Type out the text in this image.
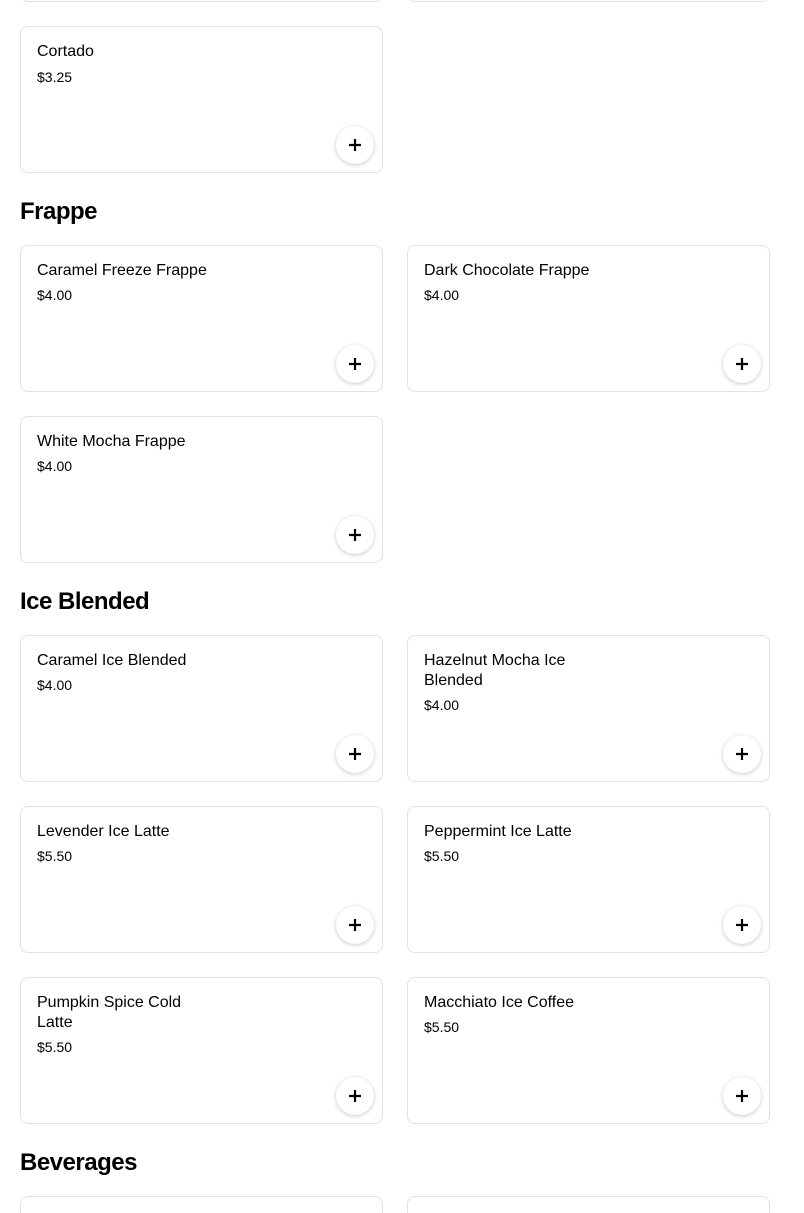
Cortado
$3.25
Frappe
Caramel Freeze Frappe
$4.00
Dark Chocolate Frappe
$4.00
White Mocha Frappe
$4.00
Ice Blended
Caramel Ice Blended
$4.00
Hazelnut Mocha Ice Blended
$4.00
Levender Ice Latte
$5.50
Peppermint Ice Latte
$5.50
Pumpkin Spice Cold Latte
$5.50
Macchiato Ice Coffee
$5.50
Beverages
